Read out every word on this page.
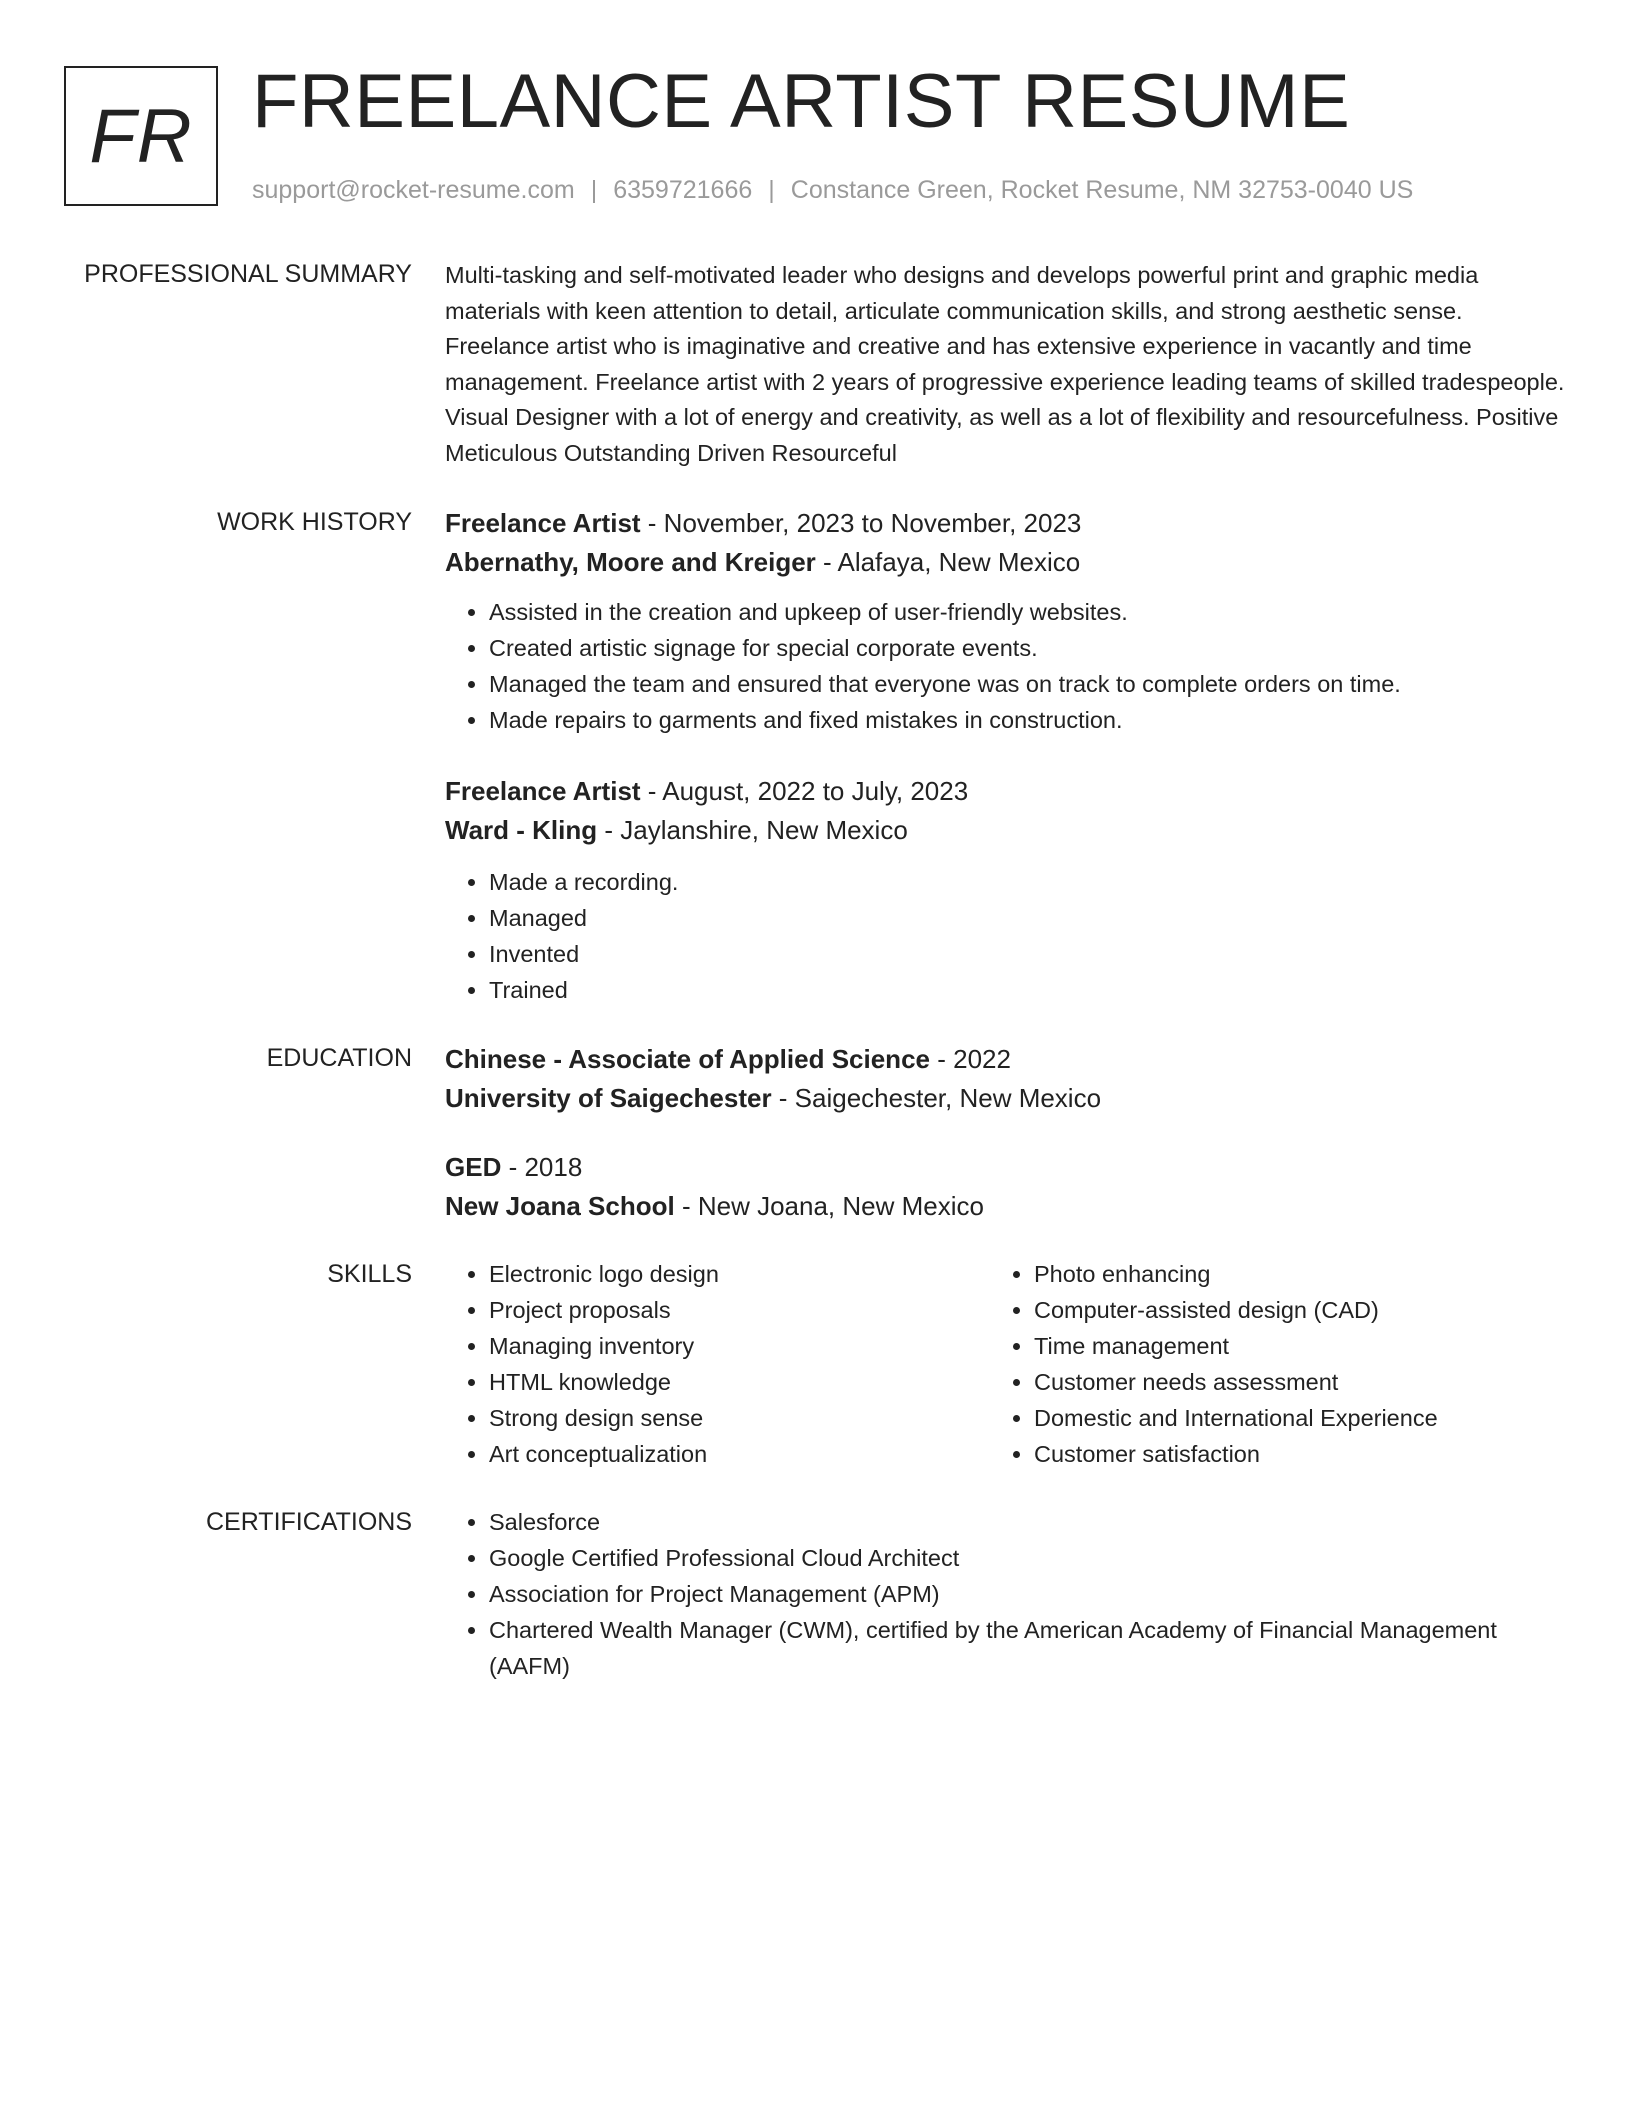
FR FREELANCE ARTIST RESUME
support@rocket-resume.com | 6359721666 | Constance Green, Rocket Resume, NM 32753-0040 US
PROFESSIONAL SUMMARY Multi-tasking and self-motivated leader who designs and develops powerful print and graphic media materials with keen attention to detail, articulate communication skills, and strong aesthetic sense. Freelance artist who is imaginative and creative and has extensive experience in vacantly and time management. Freelance artist with 2 years of progressive experience leading teams of skilled tradespeople. Visual Designer with a lot of energy and creativity, as well as a lot of flexibility and resourcefulness. Positive Meticulous Outstanding Driven Resourceful

WORK HISTORY Freelance Artist - November, 2023 to November, 2023
Abernathy, Moore and Kreiger - Alafaya, New Mexico
• Assisted in the creation and upkeep of user-friendly websites.
• Created artistic signage for special corporate events.
• Managed the team and ensured that everyone was on track to complete orders on time.
• Made repairs to garments and fixed mistakes in construction.
Freelance Artist - August, 2022 to July, 2023
Ward - Kling - Jaylanshire, New Mexico
• Made a recording.
• Managed
• Invented
• Trained
EDUCATION Chinese - Associate of Applied Science - 2022
University of Saigechester - Saigechester, New Mexico
GED - 2018
New Joana School - New Joana, New Mexico
SKILLS	• Electronic logo design
• Project proposals
• Managing inventory
• HTML knowledge
• Strong design sense
• Art conceptualization
• Photo enhancing
• Computer-assisted design (CAD)
• Time management
• Customer needs assessment
• Domestic and International Experience
• Customer satisfaction
CERTIFICATIONS	• Salesforce
• Google Certified Professional Cloud Architect
• Association for Project Management (APM)
• Chartered Wealth Manager (CWM), certified by the American Academy of Financial Management (AAFM)
